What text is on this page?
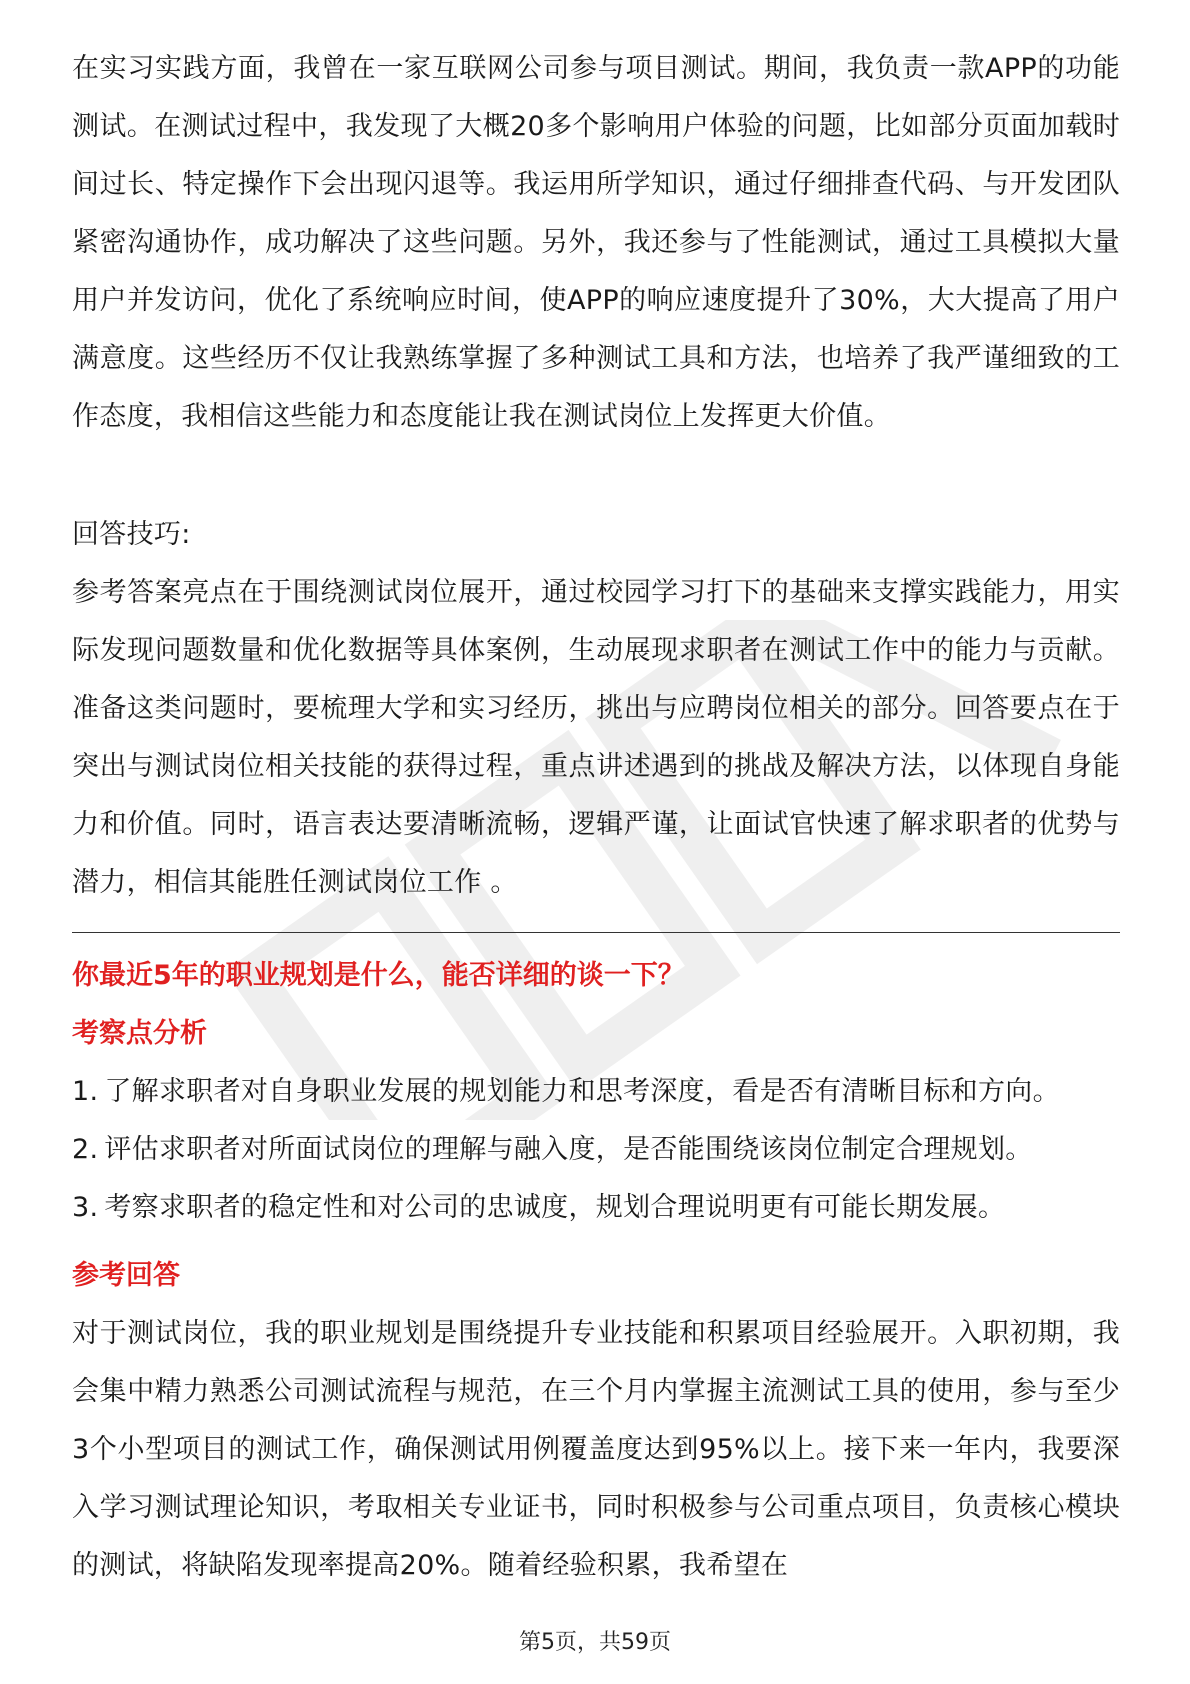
在实习实践方面，我曾在一家互联网公司参与项目测试。期间，我负责一款APP的功能测试。在测试过程中，我发现了大概20多个影响用户体验的问题，比如部分页面加载时间过长、特定操作下会出现闪退等。我运用所学知识，通过仔细排查代码、与开发团队紧密沟通协作，成功解决了这些问题。另外，我还参与了性能测试，通过工具模拟大量用户并发访问，优化了系统响应时间，使APP的响应速度提升了30%，大大提高了用户满意度。这些经历不仅让我熟练掌握了多种测试工具和方法，也培养了我严谨细致的工作态度，我相信这些能力和态度能让我在测试岗位上发挥更大价值。

回答技巧:

参考答案亮点在于围绕测试岗位展开，通过校园学习打下的基础来支撑实践能力，用实际发现问题数量和优化数据等具体案例，生动展现求职者在测试工作中的能力与贡献。准备这类问题时，要梳理大学和实习经历，挑出与应聘岗位相关的部分。回答要点在于突出与测试岗位相关技能的获得过程，重点讲述遇到的挑战及解决方法，以体现自身能力和价值。同时，语言表达要清晰流畅，逻辑严谨，让面试官快速了解求职者的优势与潜力，相信其能胜任测试岗位工作 。

你最近5年的职业规划是什么，能否详细的谈一下？

考察点分析

1. 了解求职者对自身职业发展的规划能力和思考深度，看是否有清晰目标和方向。
2. 评估求职者对所面试岗位的理解与融入度，是否能围绕该岗位制定合理规划。
3. 考察求职者的稳定性和对公司的忠诚度，规划合理说明更有可能长期发展。

参考回答

对于测试岗位，我的职业规划是围绕提升专业技能和积累项目经验展开。入职初期，我会集中精力熟悉公司测试流程与规范，在三个月内掌握主流测试工具的使用，参与至少3个小型项目的测试工作，确保测试用例覆盖度达到95%以上。接下来一年内，我要深入学习测试理论知识，考取相关专业证书，同时积极参与公司重点项目，负责核心模块的测试，将缺陷发现率提高20%。随着经验积累，我希望在

第5页，共59页
